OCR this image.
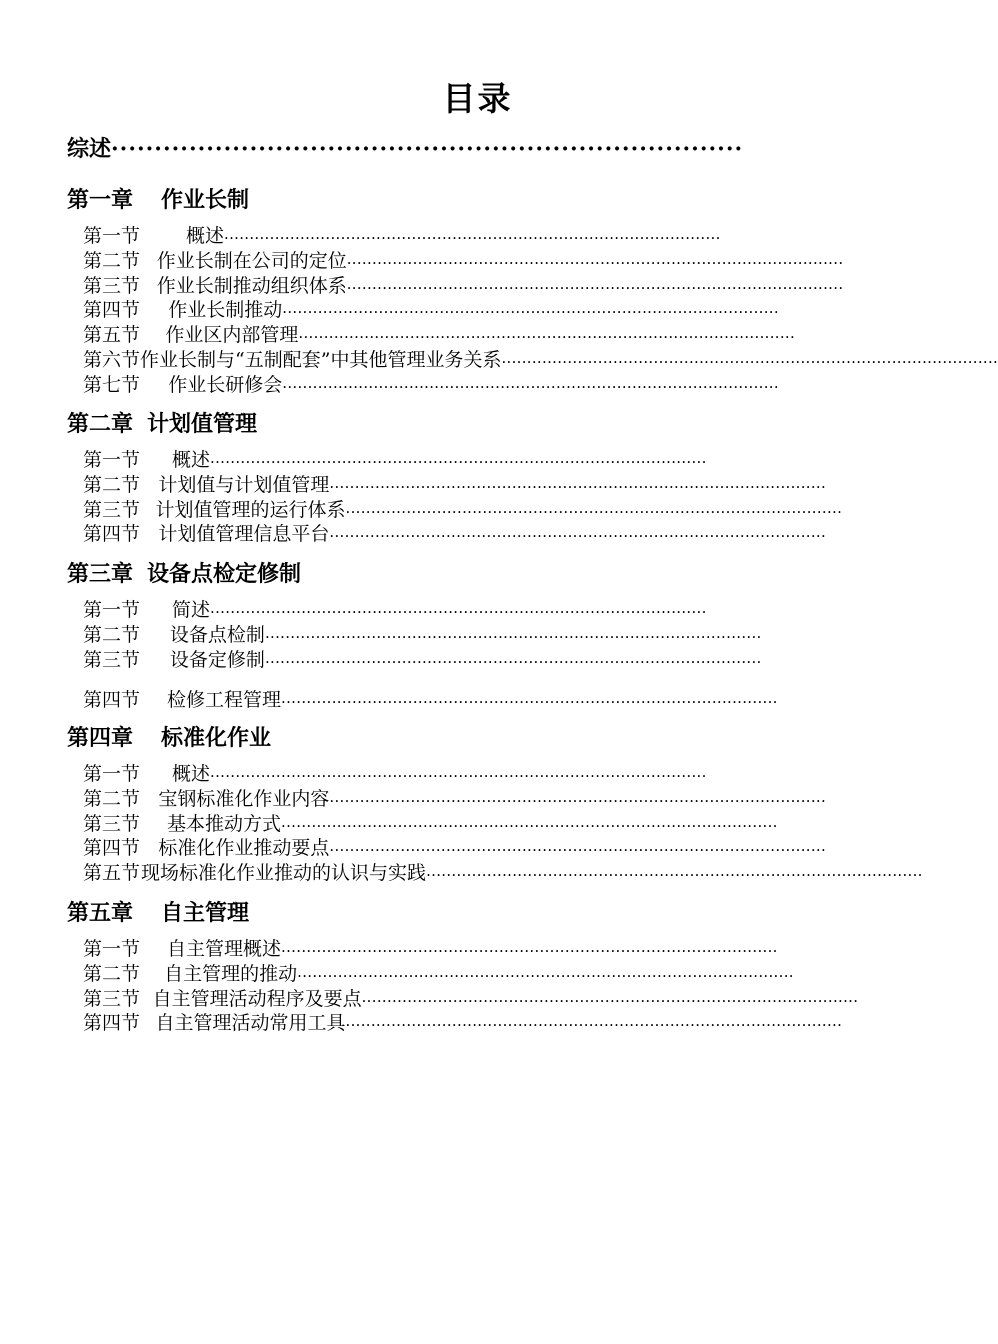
目录
综述·········································································
第一章 作业长制
第一节	概述 ··································································································
第二节 作业长制在公司的定位 ··································································································
第三节 作业长制推动组织体系 ··································································································
第四节	作业长制推动 ··································································································
第五节	作业区内部管理 ··································································································
第六节 作业长制与“五制配套”中其他管理业务关系 ··································································································
第七节	作业长研修会 ··································································································
第二章 计划值管理
第一节	概述 ··································································································
第二节 计划值与计划值管理 ··································································································
第三节 计划值管理的运行体系 ··································································································
第四节 计划值管理信息平台 ··································································································
第三章 设备点检定修制
第一节	简述 ··································································································
第二节	设备点检制 ··································································································
第三节	设备定修制 ··································································································
第四节	检修工程管理 ··································································································
第四章 标准化作业
第一节	概述 ··································································································
第二节 宝钢标准化作业内容 ··································································································
第三节	基本推动方式 ··································································································
第四节 标准化作业推动要点 ··································································································
第五节 现场标准化作业推动的认识与实践 ··································································································
第五章 自主管理
第一节	自主管理概述 ··································································································
第二节	自主管理的推动 ··································································································
第三节 自主管理活动程序及要点 ··································································································
第四节 自主管理活动常用工具 ··································································································
